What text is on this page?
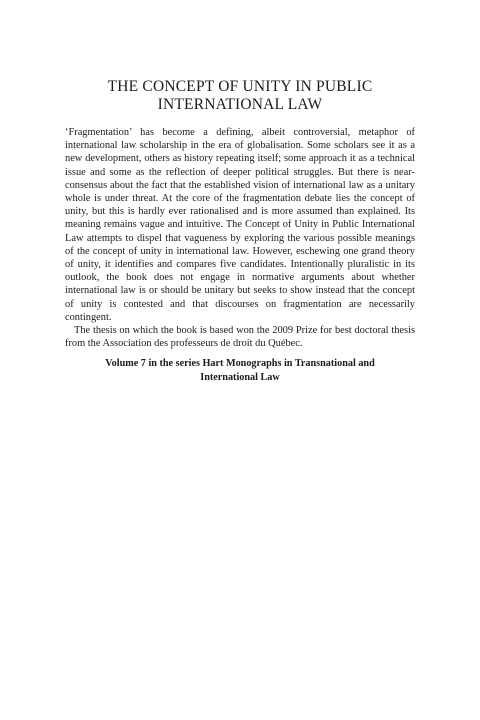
THE CONCEPT OF UNITY IN PUBLIC
INTERNATIONAL LAW

‘Fragmentation’ has become a defining, albeit controversial, metaphor of international law scholarship in the era of globalisation. Some scholars see it as a new development, others as history repeating itself; some approach it as a technical issue and some as the reflection of deeper political struggles. But there is near-consensus about the fact that the established vision of international law as a unitary whole is under threat. At the core of the fragmentation debate lies the concept of unity, but this is hardly ever rationalised and is more assumed than explained. Its meaning remains vague and intuitive. The Concept of Unity in Public International Law attempts to dispel that vagueness by exploring the various possible meanings of the concept of unity in international law. However, eschewing one grand theory of unity, it identifies and compares five candidates. Intentionally pluralistic in its outlook, the book does not engage in normative arguments about whether international law is or should be unitary but seeks to show instead that the concept of unity is contested and that discourses on fragmentation are necessarily contingent.

The thesis on which the book is based won the 2009 Prize for best doctoral thesis from the Association des professeurs de droit du Québec.

Volume 7 in the series Hart Monographs in Transnational and
International Law
